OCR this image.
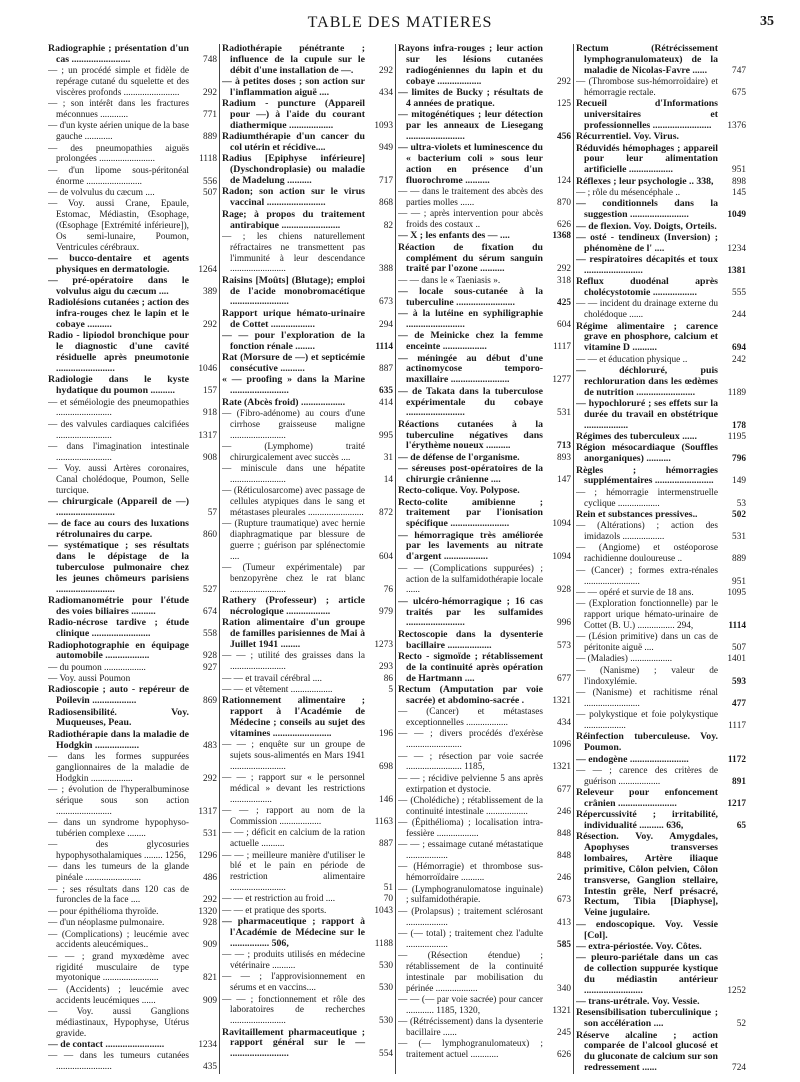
TABLE DES MATIERES	35
Radiographie ; présentation d'un cas ........................	748
— ; un procédé simple et fidèle de repérage cutané du squelette et des viscères profonds ........................	292
— ; son intérêt dans les fractures méconnues ............	771
— d'un kyste aérien unique de la base gauche ............	889
— des pneumopathies aiguës prolongées ........................	1118
— d'un lipome sous-péritonéal énorme ........................	556
— de volvulus du cæcum ....	507
— Voy. aussi Crane, Epaule, Estomac, Médiastin, Œsophage, (Œsophage [Extrémité inférieure]), Os semi-lunaire, Poumon, Ventricules cérébraux.
— bucco-dentaire et agents physiques en dermatologie.	1264
— pré-opératoire dans le volvulus aigu du cæcum ....	389
Radiolésions cutanées ; action des infra-rouges chez le lapin et le cobaye ..........	292
Radio - lipiodol bronchique pour le diagnostic d'une cavité résiduelle après pneumotonie ........................	1046
Radiologie dans le kyste hydatique du poumon ..........	157
— et séméiologie des pneumopathies ........................	918
— des valvules cardiaques calcifiées ........................	1317
— dans l'imagination intestinale ........................	908
— Voy. aussi Artères coronaires, Canal cholédoque, Poumon, Selle turcique.
— chirurgicale (Appareil de —) ........................	57
— de face au cours des luxations rétrolunaires du carpe.	860
— systématique ; ses résultats dans le dépistage de la tuberculose pulmonaire chez les jeunes chômeurs parisiens ........................	527
Radiomanométrie pour l'étude des voies biliaires ..........	674
Radio-nécrose tardive ; étude clinique ........................	558
Radiophotographie en équipage automobile ..................	928
— du poumon ..................	927
— Voy. aussi Poumon
Radioscopie ; auto - repéreur de Poilevin ..................	869
Radiosensibilité. Voy. Muqueuses, Peau.
Radiothérapie dans la maladie de Hodgkin ..................	483
— dans les formes suppurées ganglionnaires de la maladie de Hodgkin ..................	292
— ; évolution de l'hyperalbuminose sérique sous son action ........................	1317
— dans un syndrome hypophyso-tubérien complexe ........	531
— des glycosuries hypophysothalamiques ........ 1256,	1296
— dans les tumeurs de la glande pinéale ........................	486
— ; ses résultats dans 120 cas de furoncles de la face ....	292
— pour épithélioma thyroïde.	1320
— d'un néoplasme pulmonaire.	928
— (Complications) ; leucémie avec accidents aleucémiques..	909
— — ; grand myxœdème avec rigidité musculaire de type myotonique ........................	821
— (Accidents) ; leucémie avec accidents leucémiques ......	909
— Voy. aussi Ganglions médiastinaux, Hypophyse, Utérus gravide.
— de contact ........................	1234
— — dans les tumeurs cutanées ........................	435
Radiothérapie pénétrante ; influence de la cupule sur le débit d'une installation de —.	292
— à petites doses ; son action sur l'inflammation aiguë ....	434
Radium - puncture (Appareil pour —) à l'aide du courant diathermique ..................	1093
Radiumthérapie d'un cancer du col utérin et récidive....	949
Radius [Epiphyse inférieure] (Dyschondroplasie) ou maladie de Madelung ..........	717
Radon; son action sur le virus vaccinal ........................	868
Rage; à propos du traitement antirabique ........................	82
— ; les chiens naturellement réfractaires ne transmettent pas l'immunité à leur descendance ........................	388
Raisins [Moûts] (Blutage); emploi de l'acide monobromacétique ........................	673
Rapport urique hémato-urinaire de Cottet ..................	294
— — pour l'exploration de la fonction rénale ........	1114
Rat (Morsure de —) et septicémie consécutive ..........	887
« — proofing » dans la Marine ........................	635
Rate (Abcès froid) ..................	414
— (Fibro-adénome) au cours d'une cirrhose graisseuse maligne ........................	995
— (Lymphome) traité chirurgicalement avec succès ....	31
— miniscule dans une hépatite ........................	14
— (Réticulosarcome) avec passage de cellules atypiques dans le sang et métastases pleurales ........................	872
— (Rupture traumatique) avec hernie diaphragmatique par blessure de guerre ; guérison par splénectomie ....	604
— (Tumeur expérimentale) par benzopyrène chez le rat blanc ........................	76
Rathery (Professeur) ; article nécrologique ..................	979
Ration alimentaire d'un groupe de familles parisiennes de Mai à Juillet 1941 ........	1273
— — ; utilité des graisses dans la ........................	293
— — et travail cérébral ....	86
— — et vêtement ..................	5
Rationnement alimentaire ; rapport à l'Académie de Médecine ; conseils au sujet des vitamines ........................	196
— — ; enquête sur un groupe de sujets sous-alimentés en Mars 1941 ........................	698
— — ; rapport sur « le personnel médical » devant les restrictions ..................	146
— — ; rapport au nom de la Commission ..................	1163
— — ; déficit en calcium de la ration actuelle ..........	887
— — ; meilleure manière d'utiliser le blé et le pain en période de restriction alimentaire ........................	51
— — et restriction au froid ....	70
— — et pratique des sports.	1043
— pharmaceutique ; rapport à l'Académie de Médecine sur le ................ 506,	1188
— — ; produits utilisés en médecine vétérinaire ..........	530
— — ; l'approvisionnement en sérums et en vaccins....	530
— — ; fonctionnement et rôle des laboratoires de recherches ........................	530
Ravitaillement pharmaceutique ; rapport général sur le — ........................	554
Rayons infra-rouges ; leur action sur les lésions cutanées radiogéniennes du lapin et du cobaye ..................	292
— limites de Bucky ; résultats de 4 années de pratique.	125
— mitogénétiques ; leur détection par les anneaux de Liesegang ........................	456
— ultra-violets et luminescence du « bacterium coli » sous leur action en présence d'un fluorochrome ..........	124
— — dans le traitement des abcès des parties molles ......	870
— — ; après intervention pour abcès froids des costaux ..	626
— X ; les enfants des — ....	1368
Réaction de fixation du complément du sérum sanguin traité par l'ozone ..........	292
— — dans le « Taeniasis ».	318
— locale sous-cutanée à la tuberculine ........................	425
— à la lutéine en syphiligraphie ........................	604
— de Meinicke chez la femme enceinte ..................	1117
— méningée au début d'une actinomycose temporo-maxillaire ........................	1277
— de Takata dans la tuberculose expérimentale du cobaye ........................	531
Réactions cutanées à la tuberculine négatives dans l'érythème noueux ..........	713
— de défense de l'organisme.	893
— séreuses post-opératoires de la chirurgie crânienne ....	147
Recto-colique. Voy. Polypose.
Recto-colite amibienne ; traitement par l'ionisation spécifique ........................	1094
— hémorragique très améliorée par les lavements au nitrate d'argent ..................	1094
— — (Complications suppurées) ; action de la sulfamidothérapie locale ......	928
— ulcéro-hémorragique ; 16 cas traités par les sulfamides ........................	996
Rectoscopie dans la dysenterie bacillaire ..................	573
Recto - sigmoïde ; rétablissement de la continuité après opération de Hartmann ....	677
Rectum (Amputation par voie sacrée) et abdomino-sacrée .	1321
— (Cancer) et métastases exceptionnelles ..................	434
— — ; divers procédés d'exérèse ........................	1096
— — ; résection par voie sacrée ........................ 1185,	1321
— — ; récidive pelvienne 5 ans après extirpation et dystocie.	677
— (Cholédiche) ; rétablissement de la continuité intestinale ..................	246
— (Épithélioma) ; localisation intra-fessière ..................	848
— — ; essaimage cutané métastatique ..................	848
— (Hémorragie) et thrombose sus-hémorroïdaire ..........	246
— (Lymphogranulomatose inguinale) ; sulfamidothérapie.	673
— (Prolapsus) ; traitement sclérosant ..................	413
— (— total) ; traitement chez l'adulte ..................	585
— (Résection étendue) ; rétablissement de la continuité intestinale par mobilisation du périnée ..................	340
— — (— par voie sacrée) pour cancer ............ 1185, 1320,	1321
— (Rétrécissement) dans la dysenterie bacillaire ......	245
— (— lymphogranulomateux) ; traitement actuel ............	626
Rectum (Rétrécissement lymphogranulomateux) de la maladie de Nicolas-Favre ......	747
— (Thrombose sus-hémorroïdaire) et hémorragie rectale.	675
Recueil d'Informations universitaires et professionnelles ........................	1376
Récurrentiel. Voy. Virus.
Réduvidés hémophages ; appareil pour leur alimentation artificielle ..................	951
Réflexes ; leur psychologie .. 338,	898
— ; rôle du mésencéphale ..	145
— conditionnels dans la suggestion ........................	1049
— de flexion. Voy. Doigts, Orteils.
— osté - tendineux (Inversion) ; phénomène de l' ....	1234
— respiratoires décapités et toux ........................	1381
Reflux duodénal après cholécystotomie ..................	555
— — incident du drainage externe du cholédoque ......	244
Régime alimentaire ; carence grave en phosphore, calcium et vitamine D ..........	694
— — et éducation physique ..	242
— déchloruré, puis rechloruration dans les œdèmes de nutrition ........................	1189
— hypochloruré ; ses effets sur la durée du travail en obstétrique ..................	178
Régimes des tuberculeux ......	1195
Région mésocardiaque (Souffles anorganiques) ..........	796
Règles ; hémorragies supplémentaires ........................	149
— ; hémorragie intermenstruelle cyclique ..................	53
Rein et substances pressives..	502
— (Altérations) ; action des imidazols ..................	531
— (Angiome) et ostéoporose rachidienne douloureuse ..	889
— (Cancer) ; formes extra-rénales ........................	951
— — opéré et survie de 18 ans.	1095
— (Exploration fonctionnelle) par le rapport urique hémato-urinaire de Cottet (B. U.) ................ 294,	1114
— (Lésion primitive) dans un cas de péritonite aiguë ....	507
— (Maladies) ..................	1401
— (Nanisme) ; valeur de l'indoxylémie.	593
— (Nanisme) et rachitisme rénal ........................	477
— polykystique et foie polykystique ..................	1117
Réinfection tuberculeuse. Voy. Poumon.
— endogène ........................	1172
— — ; carence des critères de guérison ..................	891
Releveur pour enfoncement crânien ........................	1217
Répercussivité ; irritabilité, individualité .......... 636,	65
Résection. Voy. Amygdales, Apophyses transverses lombaires, Artère iliaque primitive, Côlon pelvien, Côlon transverse, Ganglion stellaire, Intestin grêle, Nerf présacré, Rectum, Tibia [Diaphyse], Veine jugulaire.
— endoscopique. Voy. Vessie [Col].
— extra-périostée. Voy. Côtes.
— pleuro-pariétale dans un cas de collection suppurée kystique du médiastin antérieur ........................	1252
— trans-urétrale. Voy. Vessie.
Resensibilisation tuberculinique ; son accélération ....	52
Réserve alcaline ; action comparée de l'alcool glucosé et du gluconate de calcium sur son redressement ......	724
